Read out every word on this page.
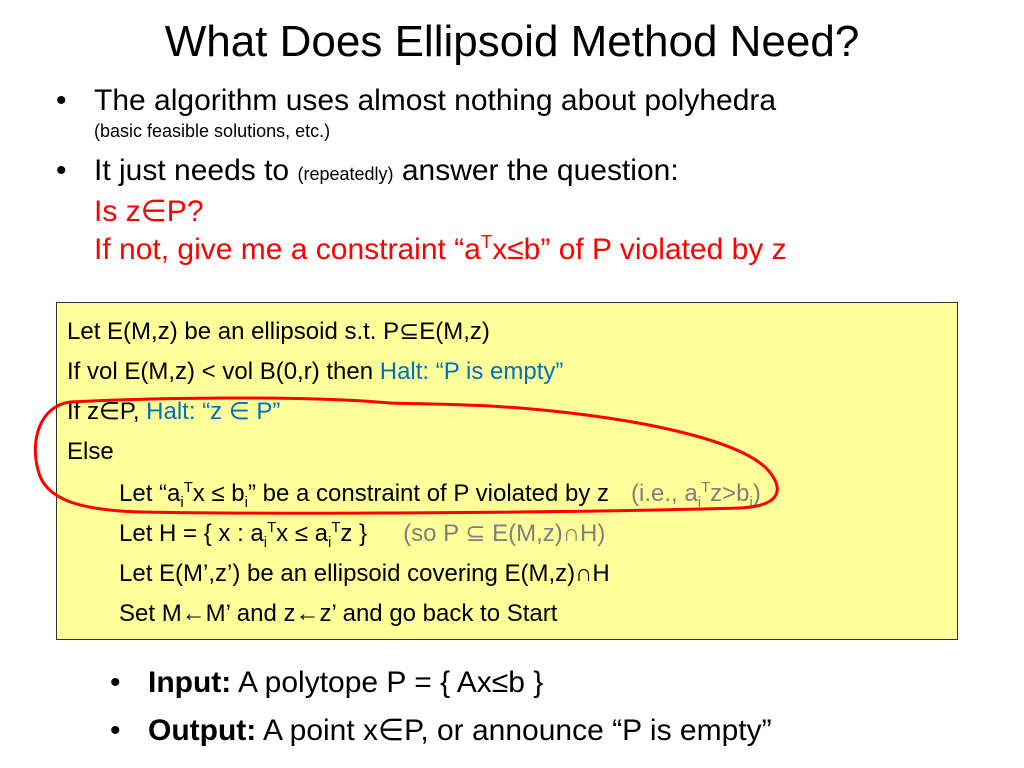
What Does Ellipsoid Method Need?
• The algorithm uses almost nothing about polyhedra
(basic feasible solutions, etc.)
• It just needs to (repeatedly) answer the question:
Is z∈P?
If not, give me a constraint “$a^Tx\le b$” of P violated by z
Let E(M,z) be an ellipsoid s.t. P⊆E(M,z)
If vol E(M,z) < vol B(0,r) then Halt: “P is empty”
If z∈P, Halt: “z ∈ P”
Else
Let “$a_i^Tx \le b_i$” be a constraint of P violated by z (i.e., $a_i^Tz>b_i$)
Let H = { x : $a_i^Tx \le a_i^Tz$ } (so P ⊆ E(M,z)∩H)
Let E(M’,z’) be an ellipsoid covering E(M,z)∩H
Set M←M’ and z←z’ and go back to Start
• Input: A polytope P = { Ax≤b }
• Output: A point x∈P, or announce “P is empty”
